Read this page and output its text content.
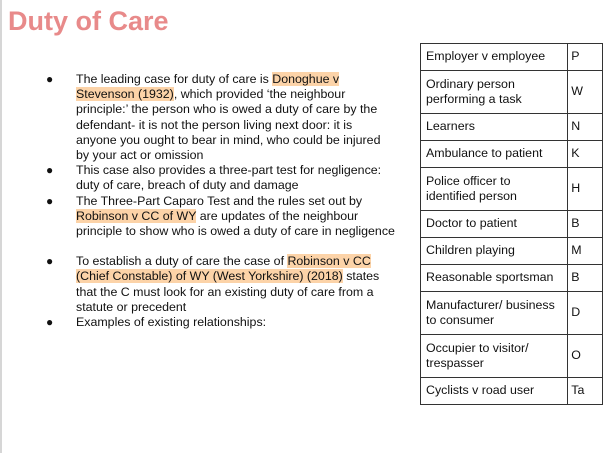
Duty of Care
● The leading case for duty of care is Donoghue v Stevenson (1932), which provided ‘the neighbour principle:’ the person who is owed a duty of care by the defendant- it is not the person living next door: it is anyone you ought to bear in mind, who could be injured by your act or omission
● This case also provides a three-part test for negligence: duty of care, breach of duty and damage
● The Three-Part Caparo Test and the rules set out by Robinson v CC of WY are updates of the neighbour principle to show who is owed a duty of care in negligence
● To establish a duty of care the case of Robinson v CC (Chief Constable) of WY (West Yorkshire) (2018) states that the C must look for an existing duty of care from a statute or precedent
● Examples of existing relationships:
Employer v employee	P
Ordinary person performing a task	W
Learners	N
Ambulance to patient	K
Police officer to identified person	H
Doctor to patient	B
Children playing	M
Reasonable sportsman	B
Manufacturer/ business to consumer	D
Occupier to visitor/ trespasser	O
Cyclists v road user	Ta
